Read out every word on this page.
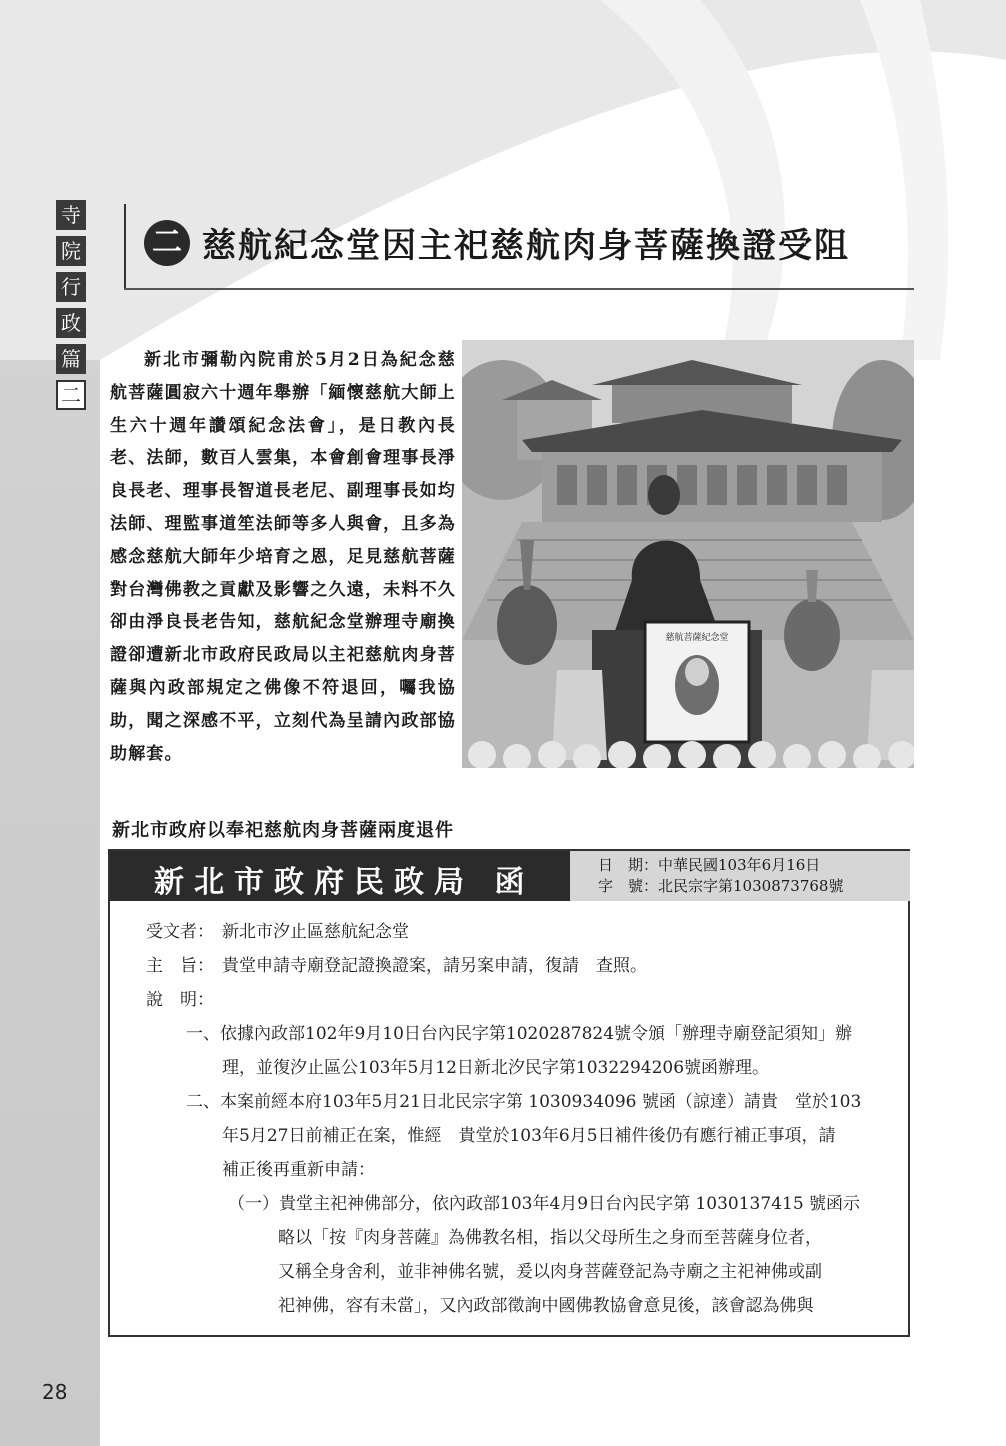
寺
院
行
政
篇
二
二 慈航紀念堂因主祀慈航肉身菩薩換證受阻

新北市彌勒內院甫於5月2日為紀念慈航菩薩圓寂六十週年舉辦「緬懷慈航大師上生六十週年讚頌紀念法會」，是日教內長老、法師，數百人雲集，本會創會理事長淨良長老、理事長智道長老尼、副理事長如均法師、理監事道笙法師等多人與會，且多為感念慈航大師年少培育之恩，足見慈航菩薩對台灣佛教之貢獻及影響之久遠，未料不久卻由淨良長老告知，慈航紀念堂辦理寺廟換證卻遭新北市政府民政局以主祀慈航肉身菩薩與內政部規定之佛像不符退回，囑我協助，聞之深感不平，立刻代為呈請內政部協助解套。

慈航菩薩紀念堂
新北市政府以奉祀慈航肉身菩薩兩度退件
新北市政府民政局 函	日　期：中華民國103年6月16日
字　號：北民宗字第1030873768號
受文者： 新北市汐止區慈航紀念堂
主　旨： 貴堂申請寺廟登記證換證案，請另案申請，復請　查照。
說　明：
一、依據內政部102年9月10日台內民字第1020287824號令頒「辦理寺廟登記須知」辦
理，並復汐止區公103年5月12日新北汐民字第1032294206號函辦理。
二、本案前經本府103年5月21日北民宗字第 1030934096 號函（諒達）請貴　堂於103
年5月27日前補正在案，惟經　貴堂於103年6月5日補件後仍有應行補正事項，請
補正後再重新申請：
（一）貴堂主祀神佛部分，依內政部103年4月9日台內民字第 1030137415 號函示
略以「按『肉身菩薩』為佛教名相，指以父母所生之身而至菩薩身位者，
又稱全身舍利，並非神佛名號，爰以肉身菩薩登記為寺廟之主祀神佛或副
祀神佛，容有未當」，又內政部徵詢中國佛教協會意見後，該會認為佛與
28
